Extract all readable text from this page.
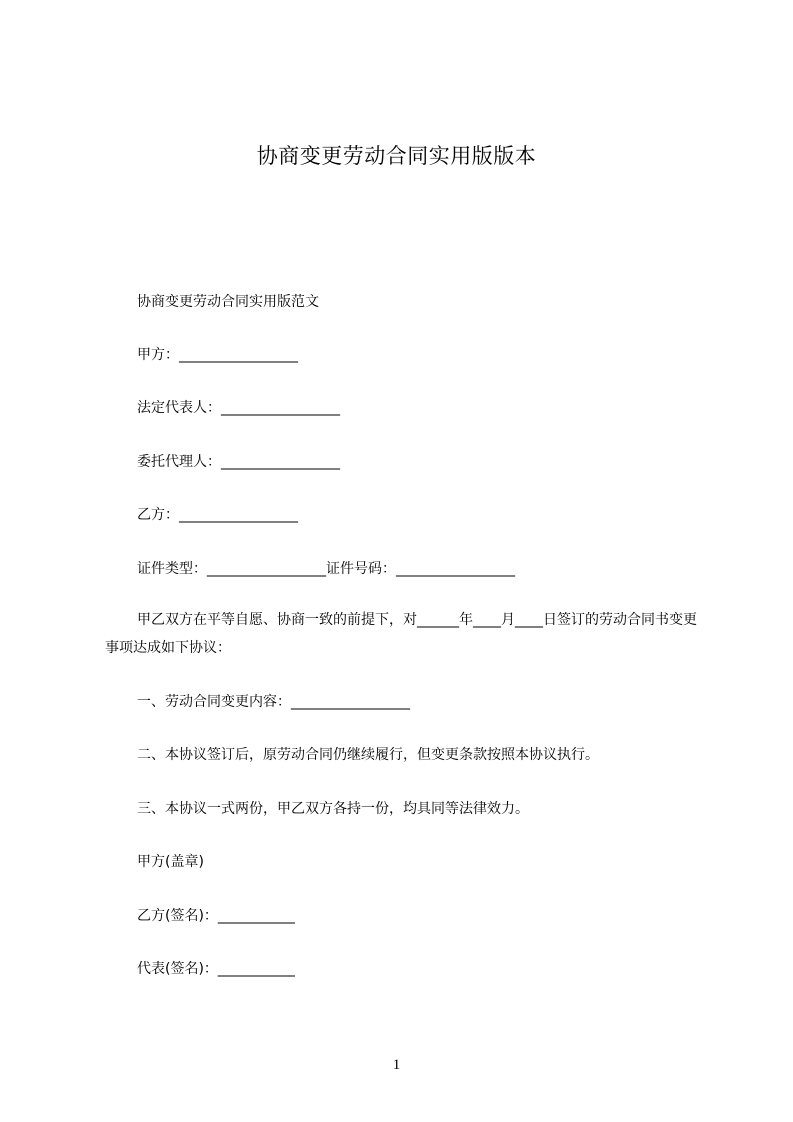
协商变更劳动合同实用版版本
协商变更劳动合同实用版范文
甲方：_________________
法定代表人：_________________
委托代理人：_________________
乙方：_________________
证件类型：_________________证件号码：_________________
甲乙双方在平等自愿、协商一致的前提下，对______年____月____日签订的劳动合同书变更事项达成如下协议：
一、劳动合同变更内容：_________________
二、本协议签订后，原劳动合同仍继续履行，但变更条款按照本协议执行。
三、本协议一式两份，甲乙双方各持一份，均具同等法律效力。
甲方(盖章)
乙方(签名)：___________
代表(签名)：___________
1
